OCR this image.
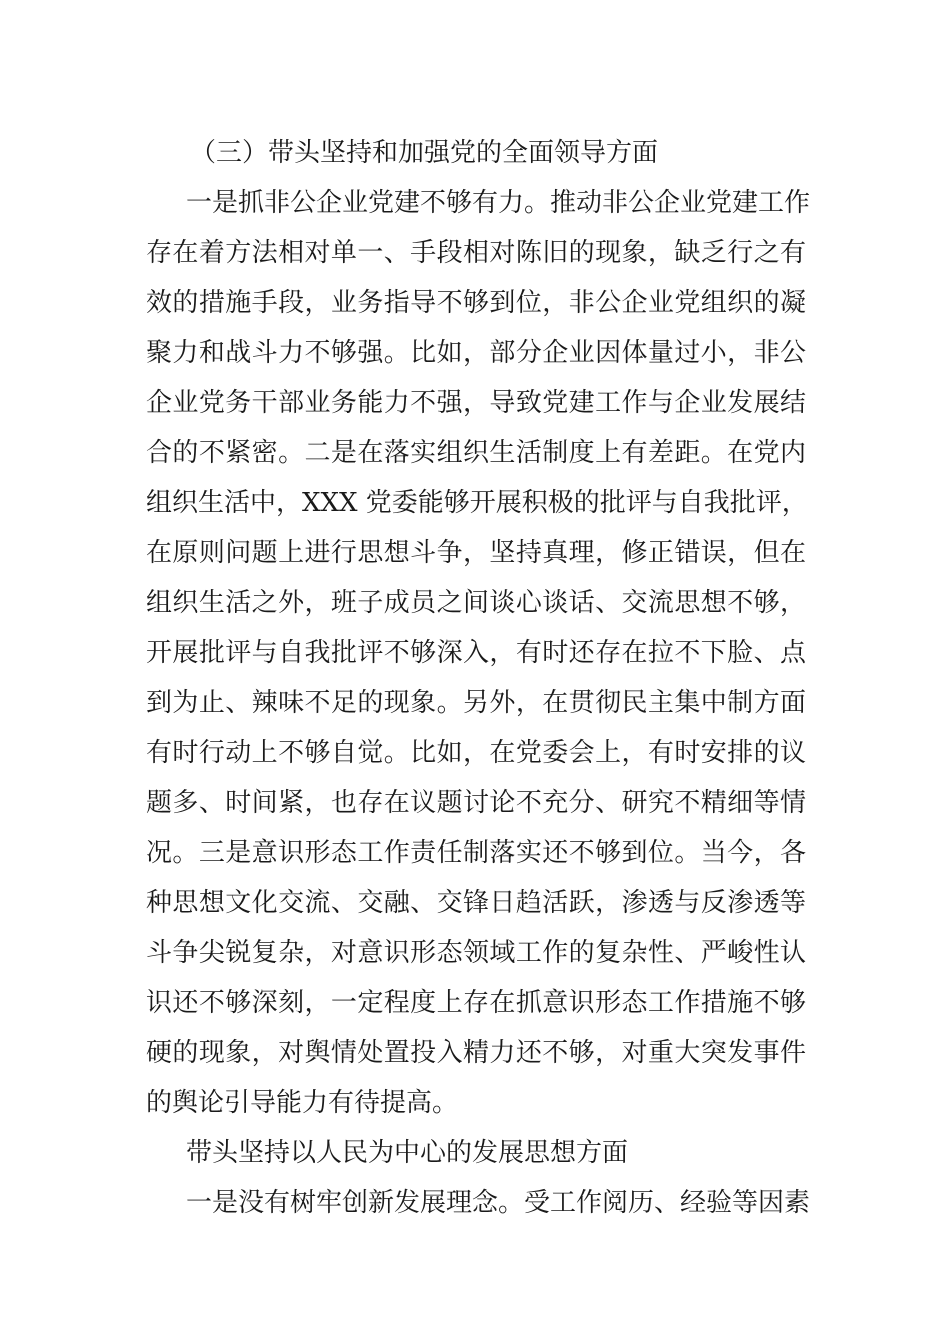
（三）带头坚持和加强党的全面领导方面
一是抓非公企业党建不够有力。推动非公企业党建工作
存在着方法相对单一、手段相对陈旧的现象，缺乏行之有
效的措施手段，业务指导不够到位，非公企业党组织的凝
聚力和战斗力不够强。比如，部分企业因体量过小，非公
企业党务干部业务能力不强，导致党建工作与企业发展结
合的不紧密。二是在落实组织生活制度上有差距。在党内
组织生活中，XXX 党委能够开展积极的批评与自我批评，
在原则问题上进行思想斗争，坚持真理，修正错误，但在
组织生活之外，班子成员之间谈心谈话、交流思想不够，
开展批评与自我批评不够深入，有时还存在拉不下脸、点
到为止、辣味不足的现象。另外，在贯彻民主集中制方面
有时行动上不够自觉。比如，在党委会上，有时安排的议
题多、时间紧，也存在议题讨论不充分、研究不精细等情
况。三是意识形态工作责任制落实还不够到位。当今，各
种思想文化交流、交融、交锋日趋活跃，渗透与反渗透等
斗争尖锐复杂，对意识形态领域工作的复杂性、严峻性认
识还不够深刻，一定程度上存在抓意识形态工作措施不够
硬的现象，对舆情处置投入精力还不够，对重大突发事件
的舆论引导能力有待提高。
带头坚持以人民为中心的发展思想方面
一是没有树牢创新发展理念。受工作阅历、经验等因素
